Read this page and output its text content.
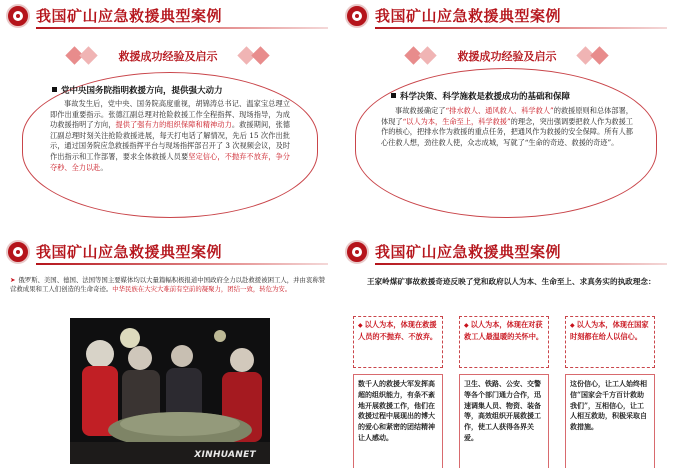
我国矿山应急救援典型案例
救援成功经验及启示
党中央国务院指明救援方向，提供强大动力
事故发生后，党中央、国务院高度重视，胡锦涛总书记、温家宝总理立即作出重要指示。张德江副总理对抢险救援工作全程指挥、现场指导，为成功救援指明了方向，提供了强有力的组织保障和精神动力。救援期间，张德江副总理时刻关注抢险救援进展，每天打电话了解情况，先后 15 次作出批示，通过国务院应急救援指挥平台与现场指挥部召开了 3 次视频会议，及时作出指示和工作部署，要求全体救援人员要坚定信心，不抛弃不放弃，争分夺秒、全力以赴。
我国矿山应急救援典型案例
救援成功经验及启示
科学决策、科学施救是救援成功的基础和保障
事故救援确定了“排水救人、通风救人、科学救人”的救援原则和总体部署，体现了“以人为本，生命至上，科学救援”的理念，突出强调要把救人作为救援工作的核心，把排水作为救援的重点任务，把通风作为救援的安全保障。所有人都心往救人想，劲往救人使，众志成城，写就了“生命的奇迹、救援的奇迹”。
我国矿山应急救援典型案例
➤ 俄罗斯、美国、德国、法国等国主要媒体均以大量篇幅积极报道中国政府全力以赴救援被困工人，并由衷称赞营救成果和工人们创造的生命奇迹。中华民族在大灾大难前有空前的凝聚力，团结一致，转危为安。
XINHUANET
我国矿山应急救援典型案例
王家岭煤矿事故救援奇迹反映了党和政府以人为本、生命至上、求真务实的执政理念：
◆ 以人为本，体现在救援人员的不抛弃、不放弃。
数千人的救援大军发挥高超的组织能力，有条不紊地开展救援工作，他们在救援过程中展现出的博大的爱心和紧密的团结精神让人感动。
◆ 以人为本，体现在对获救工人最温暖的关怀中。
卫生、铁路、公安、交警等各个部门通力合作，迅速调集人员、物资、装备等，高效组织开展救援工作，使工人获得各界关爱。
◆ 以人为本，体现在国家时刻都在给人以信心。
这份信心，让工人始终相信“国家会千方百计救助我们”，互相信心，让工人相互救助，积极采取自救措施。
